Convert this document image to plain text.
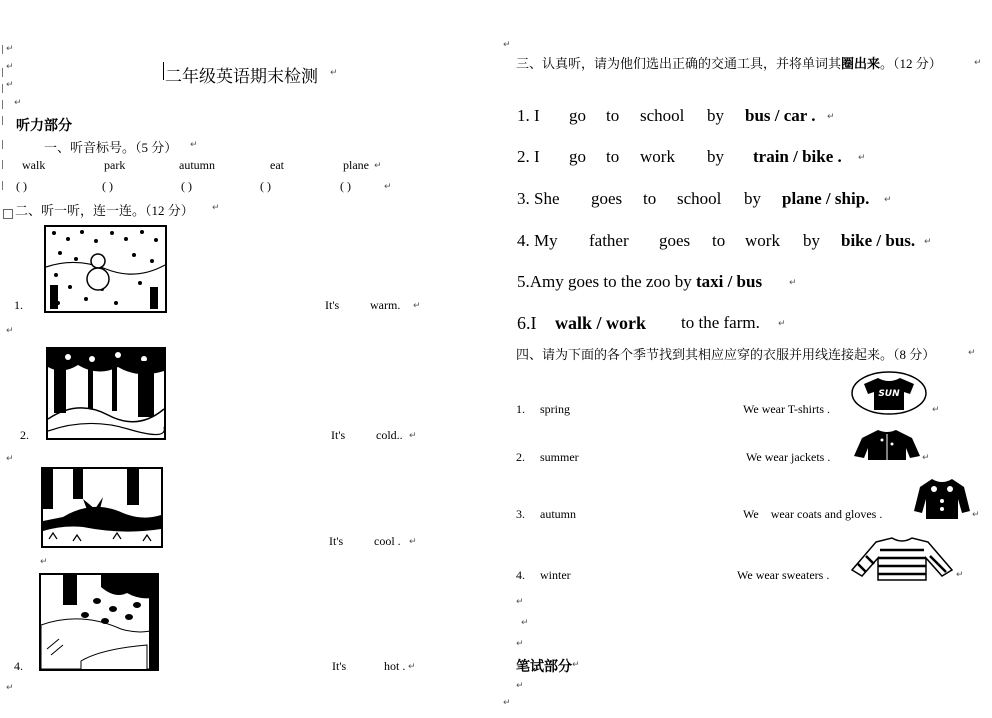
↵
↵
↵
↵
二年级英语期末检测 ↵
听力部分
一、听音标号。（5 分） ↵
walk	park	autumn	eat	plane ↵
( )	( )	( )	( )	( )	↵
二、听一听，连一连。（12 分） ↵
1.	It's	warm. ↵
↵
2.	It's	cold.. ↵
↵
It's	cool . ↵
↵
4.	It's	hot . ↵
↵
↵
三、认真听，请为他们选出正确的交通工具，并将单词其圈出来。（12 分）	↵
1. I go to school by bus / car . ↵
2. I go to work by train / bike . ↵
3. She goes to school by plane / ship. ↵
4. My father goes to work by bike / bus. ↵
5.Amy goes to the zoo by taxi / bus	↵
6.I walk / work to the farm. ↵
四、请为下面的各个季节找到其相应应穿的衣服并用线连接起来。（8 分）	↵
1. spring	We wear T-shirts .
SUN
↵
2. summer	We wear jackets .	↵
3. autumn	We    wear coats and gloves .	↵
4. winter	We wear sweaters .	↵
↵
↵
↵
笔试部分 ↵
↵
↵
